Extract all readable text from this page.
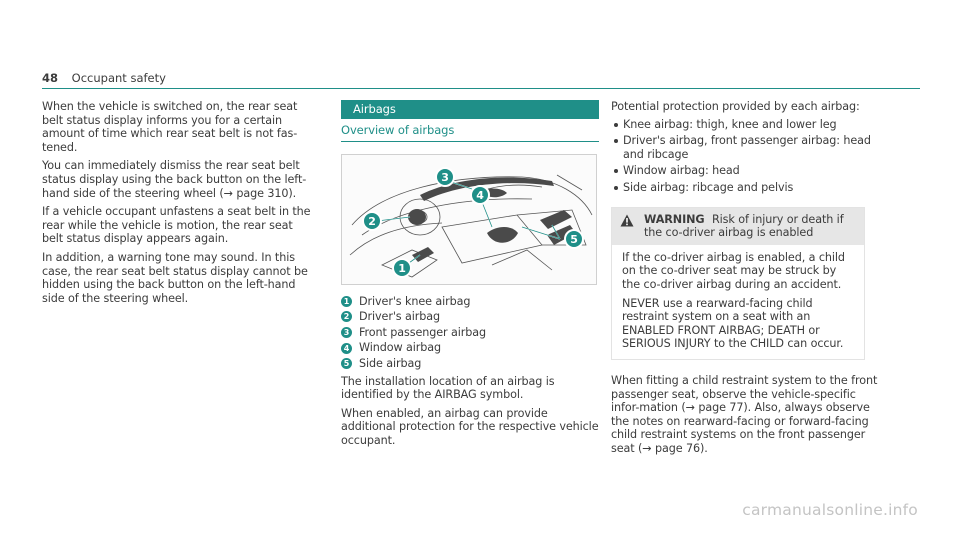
48 Occupant safety

When the vehicle is switched on, the rear seat belt status display informs you for a certain amount of time which rear seat belt is not fas-tened.

You can immediately dismiss the rear seat belt status display using the back button on the left-hand side of the steering wheel (→ page 310).

If a vehicle occupant unfastens a seat belt in the rear while the vehicle is motion, the rear seat belt status display appears again.

In addition, a warning tone may sound. In this case, the rear seat belt status display cannot be hidden using the back button on the left-hand side of the steering wheel.

Airbags
Overview of airbags
1
2
3
4
5
1 Driver's knee airbag
2 Driver's airbag
3 Front passenger airbag
4 Window airbag
5 Side airbag

The installation location of an airbag is identified by the AIRBAG symbol.

When enabled, an airbag can provide additional protection for the respective vehicle occupant.

Potential protection provided by each airbag:

Knee airbag: thigh, knee and lower leg
Driver's airbag, front passenger airbag: head and ribcage
Window airbag: head
Side airbag: ribcage and pelvis
WARNING Risk of injury or death if the co-driver airbag is enabled

If the co-driver airbag is enabled, a child on the co-driver seat may be struck by the co-driver airbag during an accident.

NEVER use a rearward-facing child restraint system on a seat with an ENABLED FRONT AIRBAG; DEATH or SERIOUS INJURY to the CHILD can occur.

When fitting a child restraint system to the front passenger seat, observe the vehicle-specific infor-mation (→ page 77). Also, always observe the notes on rearward-facing or forward-facing child restraint systems on the front passenger seat (→ page 76).

carmanualsonline.info
